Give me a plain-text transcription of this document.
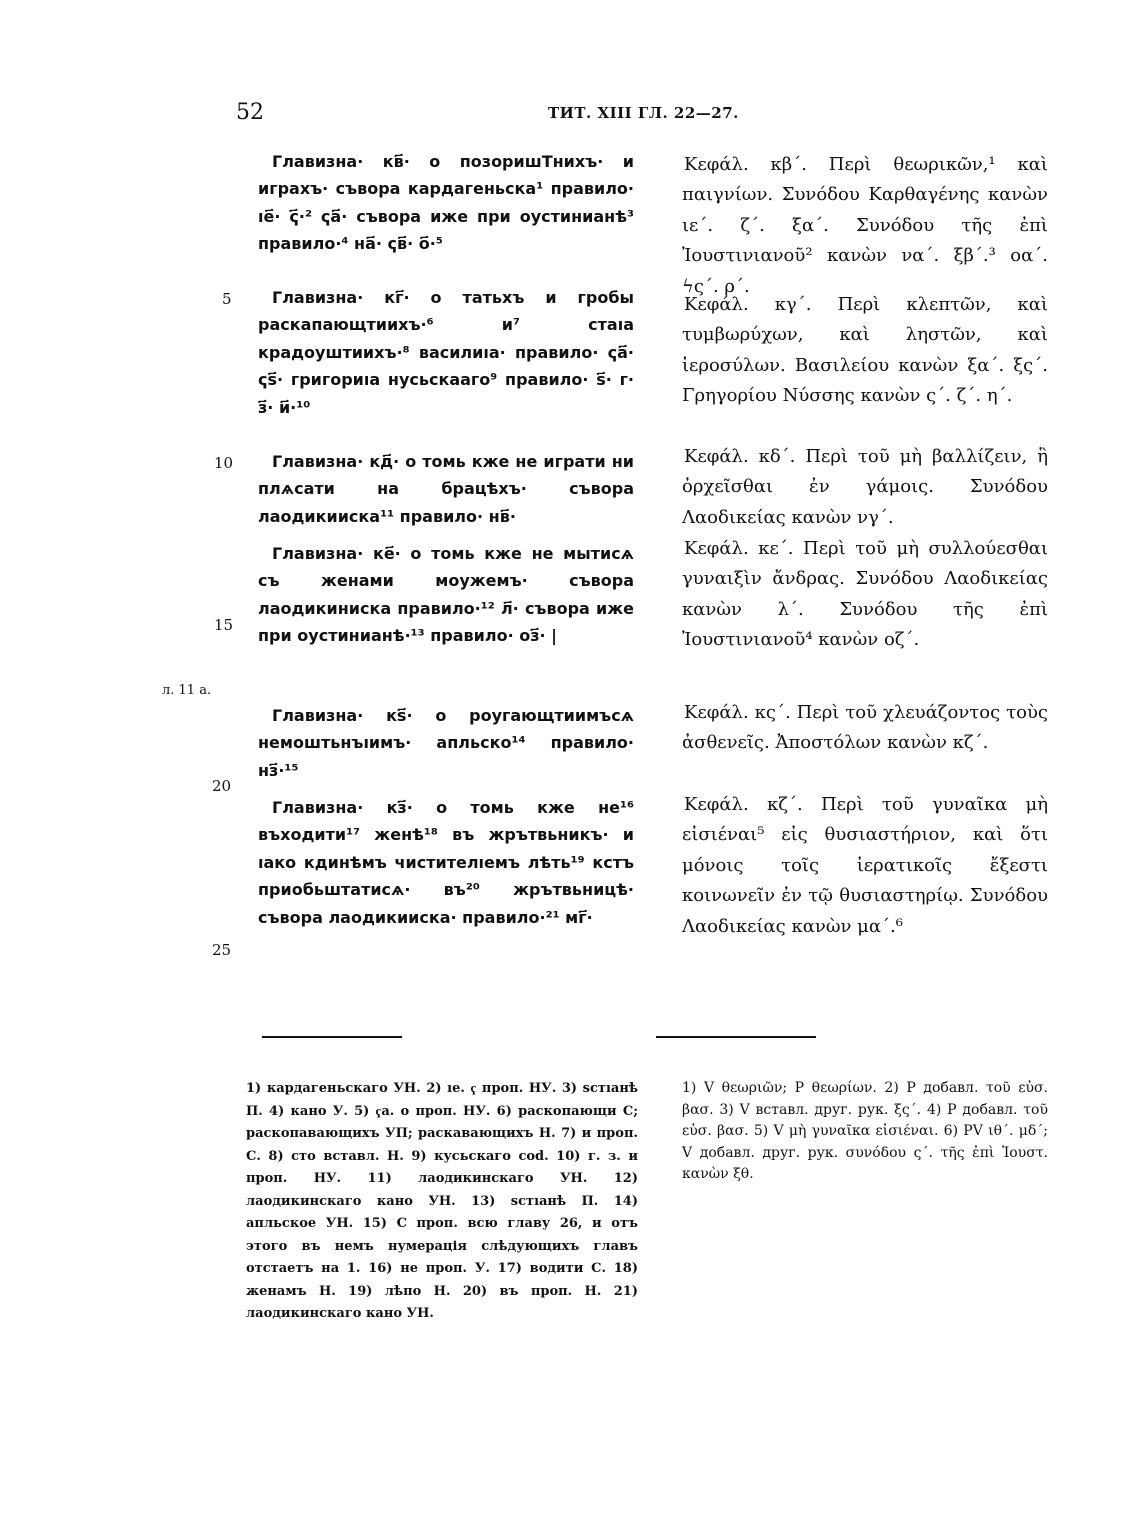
52	ТИТ. XIII ГЛ. 22—27.
5
10
15
20
25
л. 11 а.

Главизна· кв҃· о позоришТнихъ· и играхъ· съвора кардагеньска¹ правило· ıе҃· ҁ҃·² ҁа҃· съвора иже при оустинианѣ³ правило·⁴ на҃· ҁв҃· о҃·⁵

Главизна· кг҃· о татьхъ и гробы раскапающтиихъ·⁶ и⁷ стаıа крадоуштиихъ·⁸ василиıа· правило· ҁа҃· ҁѕ҃· григориıа нусьскааго⁹ правило· ѕ҃· г· з҃· и҃·¹⁰

Главизна· кд҃· о томь кже не играти ни плѧсати на брацѣхъ· съвора лаодикиискa¹¹ правило· нв҃·

Главизна· ке҃· о томь кже не мытисѧ съ женами моужемъ· съвора лаодикиниска правило·¹² л҃· съвора иже при оустинианѣ·¹³ правило· оз҃· |

Главизна· кѕ҃· о роугающтиимъсѧ немоштьнъıимъ· апльско¹⁴ правило· нз҃·¹⁵

Главизна· кз҃· о томь кже не¹⁶ въходити¹⁷ женѣ¹⁸ въ жрътвьникъ· и ıако кдинѣмъ чистителıемъ лѣть¹⁹ кстъ приобьштатисѧ· въ²⁰ жрътвьницѣ· съвора лаодикиискa· правило·²¹ мг҃·

Κεφάλ. κβ΄. Περὶ θεωρικῶν,¹ καὶ παιγνίων. Συνόδου Καρθαγένης κανὼν ιε΄. ζ΄. ξα΄. Συνόδου τῆς ἐπὶ Ἰουστινιανοῦ² κανὼν να΄. ξβ΄.³ οα΄. ϟς΄. ρ΄.

Κεφάλ. κγ΄. Περὶ κλεπτῶν, καὶ τυμβωρύχων, καὶ ληστῶν, καὶ ἱεροσύλων. Βασιλείου κανὼν ξα΄. ξς΄. Γρηγορίου Νύσσης κανὼν ς΄. ζ΄. η΄.

Κεφάλ. κδ΄. Περὶ τοῦ μὴ βαλλίζειν, ἢ ὀρχεῖσθαι ἐν γάμοις. Συνόδου Λαοδικείας κανὼν νγ΄.

Κεφάλ. κε΄. Περὶ τοῦ μὴ συλλούεσθαι γυναιξὶν ἄνδρας. Συνόδου Λαοδικείας κανὼν λ΄. Συνόδου τῆς ἐπὶ Ἰουστινιανοῦ⁴ κανὼν οζ΄.

Κεφάλ. κς΄. Περὶ τοῦ χλευάζοντος τοὺς ἀσθενεῖς. Ἀποστόλων κανὼν κζ΄.

Κεφάλ. κζ΄. Περὶ τοῦ γυναῖκα μὴ εἰσιέναι⁵ εἰς θυσιαστήριον, καὶ ὅτι μόνοις τοῖς ἱερατικοῖς ἔξεστι κοινωνεῖν ἐν τῷ θυσιαστηρίῳ. Συνόδου Λαοδικείας κανὼν μα΄.⁶

1) кардагеньскаго УН. 2) ıе. ҁ проп. НУ. 3) ѕстıанѣ П. 4) кано У. 5) ҁа. о проп. НУ. 6) раскопающи С; раскопавающихъ УП; раскавающихъ Н. 7) и проп. С. 8) сто вставл. Н. 9) кусьскаго cod. 10) г. з. и проп. НУ. 11) лаодикинскаго УН. 12) лаодикинскаго кано УН. 13) ѕстıанѣ П. 14) апльское УН. 15) С проп. всю главу 26, и отъ этого въ немъ нумерація слѣдующихъ главъ отстаетъ на 1. 16) не проп. У. 17) водити С. 18) женамъ Н. 19) лѣпо Н. 20) въ проп. Н. 21) лаодикинскаго кано УН.

1) V θεωριῶν; P θεωρίων. 2) P добавл. τοῦ εὐσ. βασ. 3) V вставл. друг. рук. ξς΄. 4) P добавл. τοῦ εὐσ. βασ. 5) V μὴ γυναῖκα εἰσιέναι. 6) PV ιθ΄. μδ΄; V добавл. друг. рук. συνόδου ς΄. τῆς ἐπὶ Ἰουστ. κανὼν ξθ.
